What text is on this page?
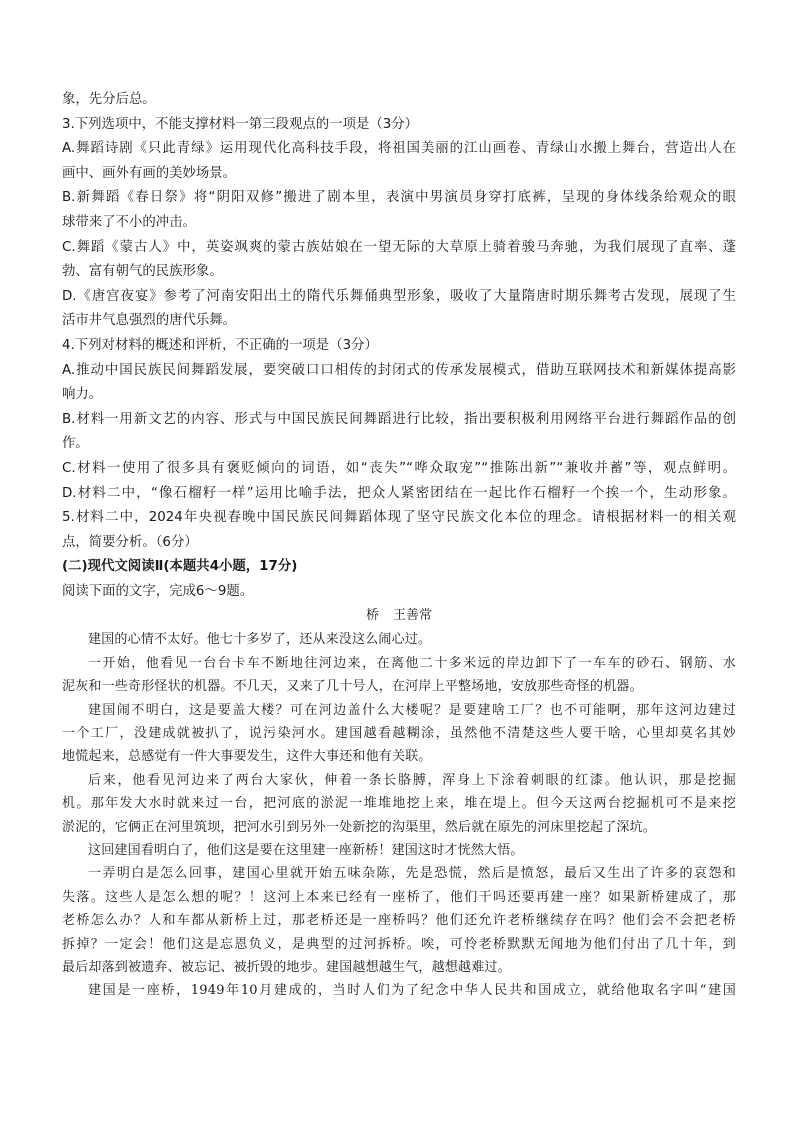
象，先分后总。
3.下列选项中，不能支撑材料一第三段观点的一项是（3分）
A.舞蹈诗剧《只此青绿》运用现代化高科技手段，将祖国美丽的江山画卷、青绿山水搬上舞台，营造出人在
画中、画外有画的美妙场景。
B.新舞蹈《春日祭》将“阴阳双修”搬进了剧本里，表演中男演员身穿打底裤，呈现的身体线条给观众的眼
球带来了不小的冲击。
C.舞蹈《蒙古人》中，英姿飒爽的蒙古族姑娘在一望无际的大草原上骑着骏马奔驰，为我们展现了直率、蓬
勃、富有朝气的民族形象。
D.《唐宫夜宴》参考了河南安阳出土的隋代乐舞俑典型形象，吸收了大量隋唐时期乐舞考古发现，展现了生
活市井气息强烈的唐代乐舞。
4.下列对材料的概述和评析，不正确的一项是（3分）
A.推动中国民族民间舞蹈发展，要突破口口相传的封闭式的传承发展模式，借助互联网技术和新媒体提高影
响力。
B.材料一用新文艺的内容、形式与中国民族民间舞蹈进行比较，指出要积极利用网络平台进行舞蹈作品的创
作。
C.材料一使用了很多具有褒贬倾向的词语，如“丧失”“哗众取宠”“推陈出新”“兼收并蓄”等，观点鲜明。
D.材料二中，“像石榴籽一样”运用比喻手法，把众人紧密团结在一起比作石榴籽一个挨一个，生动形象。
5.材料二中，2024年央视春晚中国民族民间舞蹈体现了坚守民族文化本位的理念。请根据材料一的相关观
点，简要分析。（6分）
(二)现代文阅读Ⅱ(本题共4小题，17分)
阅读下面的文字，完成6～9题。
桥 王善常
建国的心情不太好。他七十多岁了，还从来没这么闹心过。
一开始，他看见一台台卡车不断地往河边来，在离他二十多米远的岸边卸下了一车车的砂石、钢筋、水
泥灰和一些奇形怪状的机器。不几天，又来了几十号人，在河岸上平整场地，安放那些奇怪的机器。
建国闹不明白，这是要盖大楼？可在河边盖什么大楼呢？是要建啥工厂？也不可能啊，那年这河边建过
一个工厂，没建成就被扒了，说污染河水。建国越看越糊涂，虽然他不清楚这些人要干啥，心里却莫名其妙
地慌起来，总感觉有一件大事要发生，这件大事还和他有关联。
后来，他看见河边来了两台大家伙，伸着一条长胳膊，浑身上下涂着刺眼的红漆。他认识，那是挖掘
机。那年发大水时就来过一台，把河底的淤泥一堆堆地挖上来，堆在堤上。但今天这两台挖掘机可不是来挖
淤泥的，它俩正在河里筑坝，把河水引到另外一处新挖的沟渠里，然后就在原先的河床里挖起了深坑。
这回建国看明白了，他们这是要在这里建一座新桥！建国这时才恍然大悟。
一弄明白是怎么回事，建国心里就开始五味杂陈，先是恐慌，然后是愤怒，最后又生出了许多的哀怨和
失落。这些人是怎么想的呢？！这河上本来已经有一座桥了，他们干吗还要再建一座？如果新桥建成了，那
老桥怎么办？人和车都从新桥上过，那老桥还是一座桥吗？他们还允许老桥继续存在吗？他们会不会把老桥
拆掉？一定会！他们这是忘恩负义，是典型的过河拆桥。唉，可怜老桥默默无闻地为他们付出了几十年，到
最后却落到被遗弃、被忘记、被折毁的地步。建国越想越生气，越想越难过。
建国是一座桥，1949年10月建成的，当时人们为了纪念中华人民共和国成立，就给他取名字叫“建国
